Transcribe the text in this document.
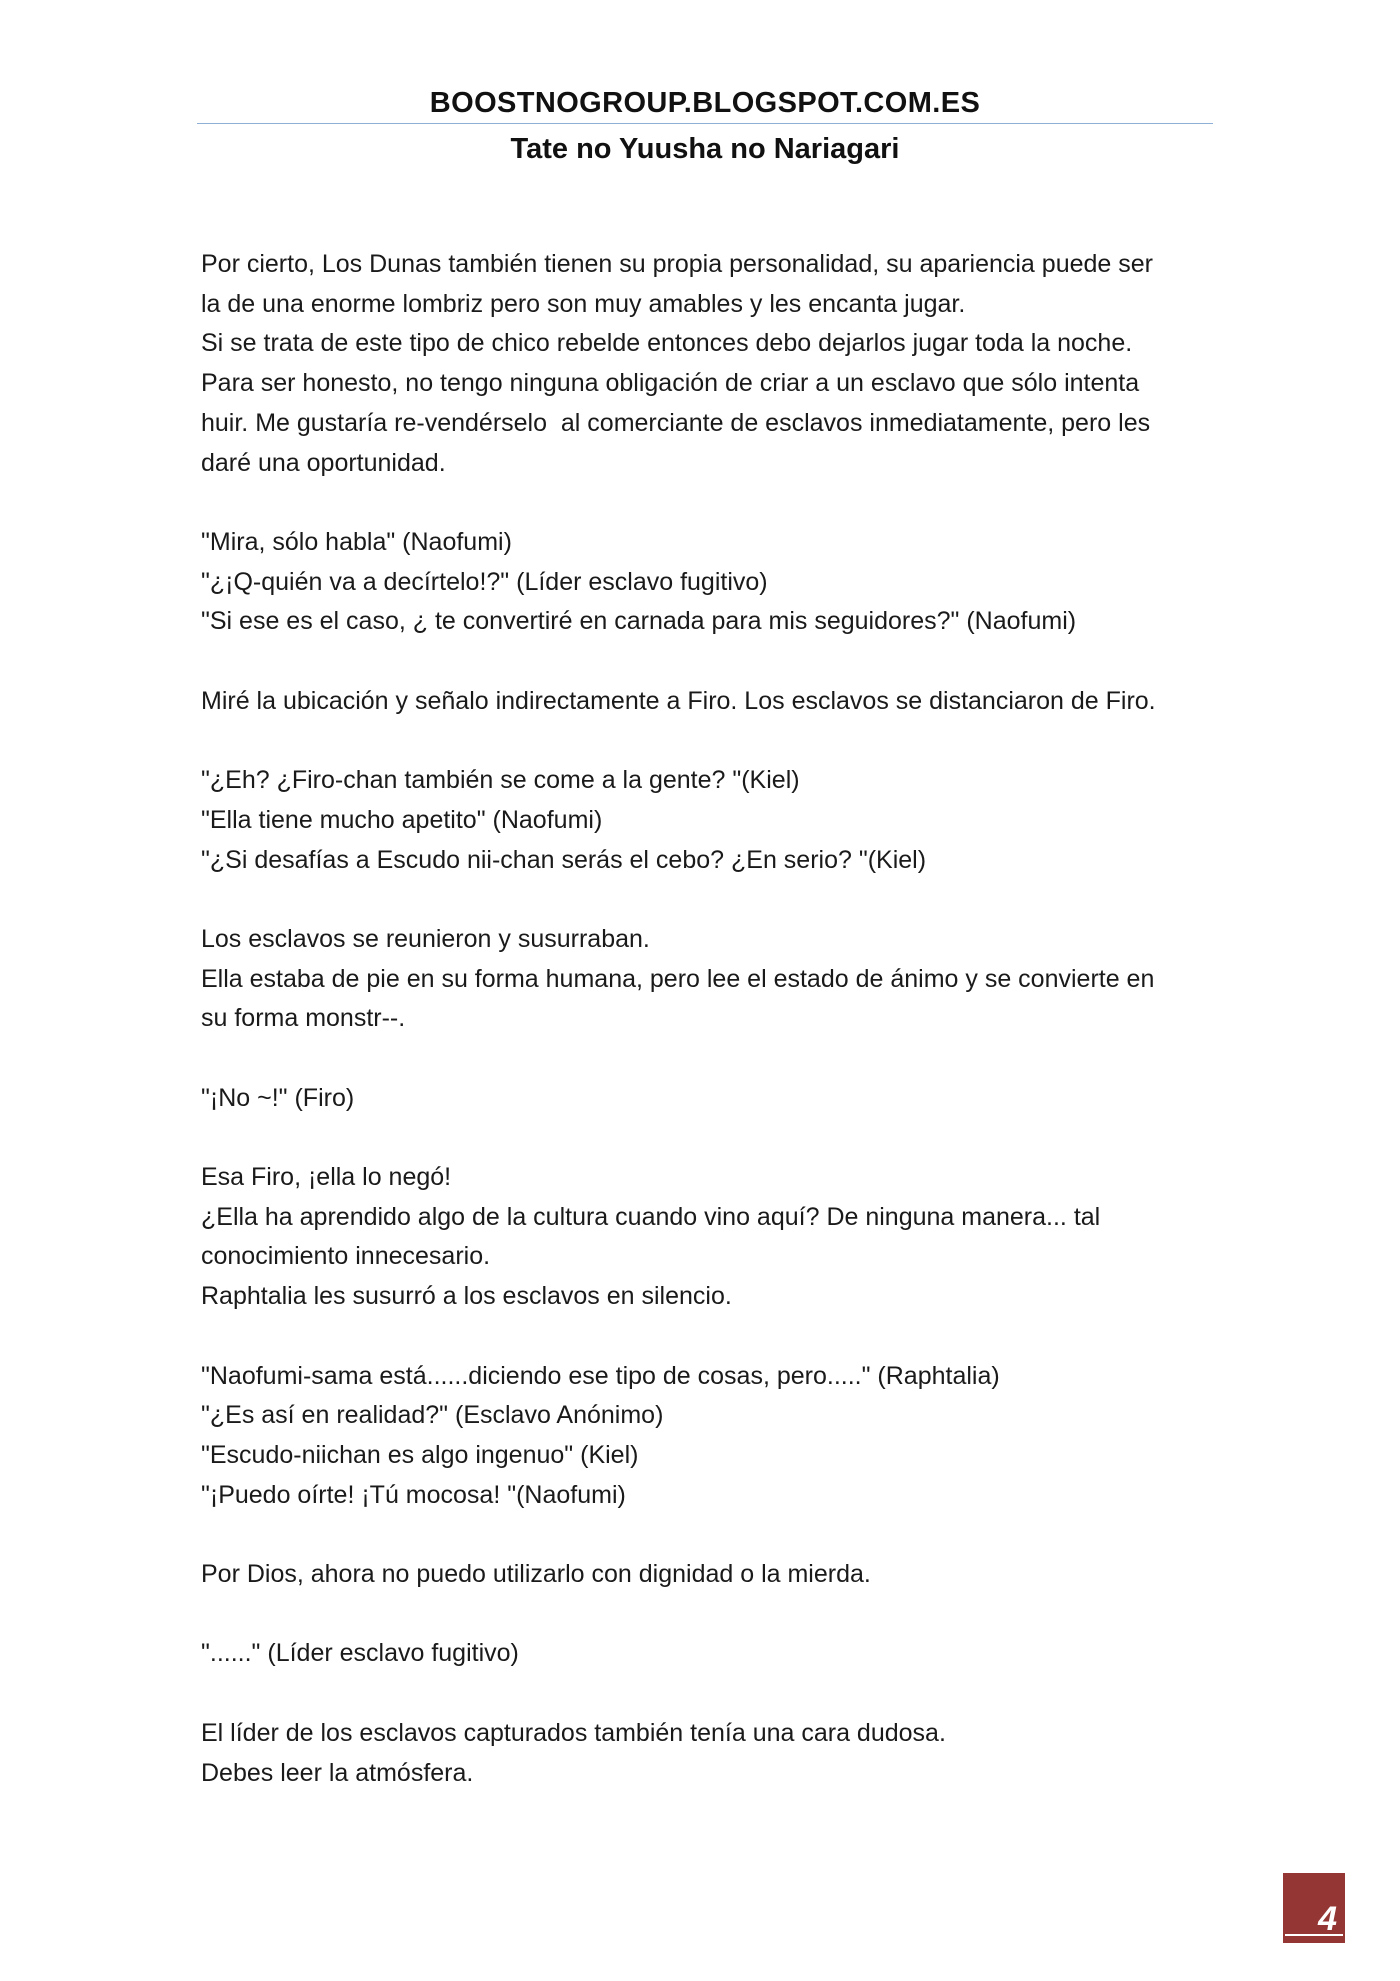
BOOSTNOGROUP.BLOGSPOT.COM.ES
Tate no Yuusha no Nariagari
Por cierto, Los Dunas también tienen su propia personalidad, su apariencia puede ser
la de una enorme lombriz pero son muy amables y les encanta jugar.
Si se trata de este tipo de chico rebelde entonces debo dejarlos jugar toda la noche.
Para ser honesto, no tengo ninguna obligación de criar a un esclavo que sólo intenta
huir. Me gustaría re-vendérselo  al comerciante de esclavos inmediatamente, pero les
daré una oportunidad.
"Mira, sólo habla" (Naofumi)
"¿¡Q-quién va a decírtelo!?" (Líder esclavo fugitivo)
"Si ese es el caso, ¿ te convertiré en carnada para mis seguidores?" (Naofumi)
Miré la ubicación y señalo indirectamente a Firo. Los esclavos se distanciaron de Firo.
"¿Eh? ¿Firo-chan también se come a la gente? "(Kiel)
"Ella tiene mucho apetito" (Naofumi)
"¿Si desafías a Escudo nii-chan serás el cebo? ¿En serio? "(Kiel)
Los esclavos se reunieron y susurraban.
Ella estaba de pie en su forma humana, pero lee el estado de ánimo y se convierte en
su forma monstr--.
"¡No ~!" (Firo)
Esa Firo, ¡ella lo negó!
¿Ella ha aprendido algo de la cultura cuando vino aquí? De ninguna manera... tal
conocimiento innecesario.
Raphtalia les susurró a los esclavos en silencio.
"Naofumi-sama está......diciendo ese tipo de cosas, pero....." (Raphtalia)
"¿Es así en realidad?" (Esclavo Anónimo)
"Escudo-niichan es algo ingenuo" (Kiel)
"¡Puedo oírte! ¡Tú mocosa! "(Naofumi)
Por Dios, ahora no puedo utilizarlo con dignidad o la mierda.
"......" (Líder esclavo fugitivo)
El líder de los esclavos capturados también tenía una cara dudosa.
Debes leer la atmósfera.
4
